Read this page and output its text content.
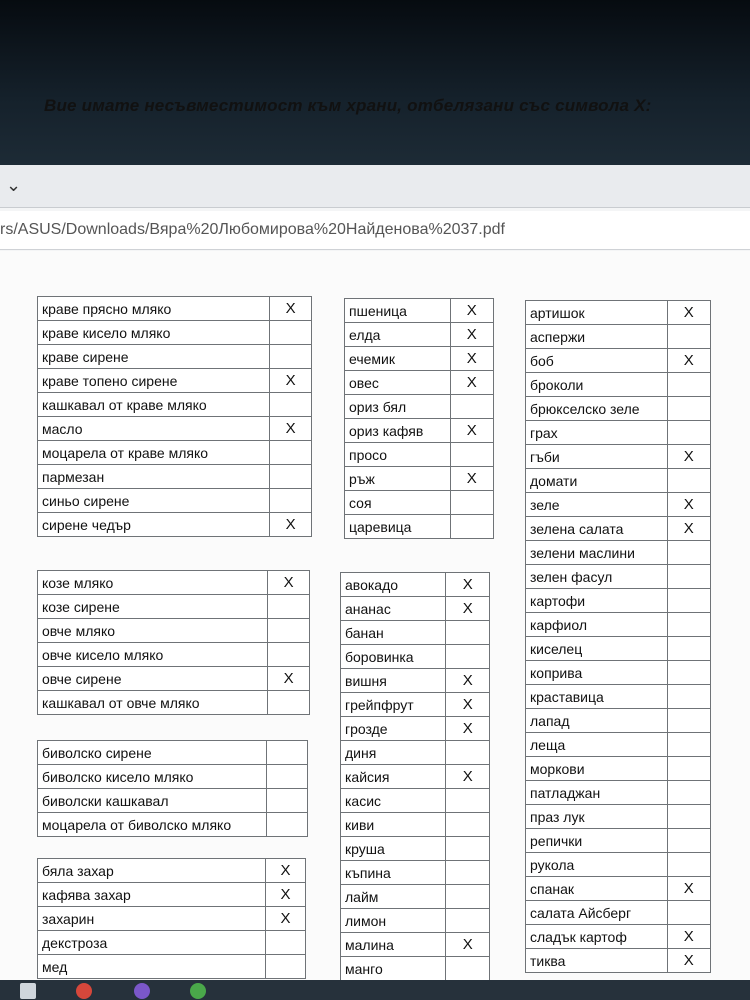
⌄
rs/ASUS/Downloads/Вяра%20Любомирова%20Найденова%2037.pdf
Вие имате несъвместимост към храни, отбелязани със символа Х:
краве прясно мляко	X
краве кисело мляко	
краве сирене	
краве топено сирене	X
кашкавал от краве мляко	
масло	X
моцарела от краве мляко	
пармезан	
синьо сирене	
сирене чедър	X
козе мляко	X
козе сирене	
овче мляко	
овче кисело мляко	
овче сирене	X
кашкавал от овче мляко	
биволско сирене	
биволско кисело мляко	
биволски кашкавал	
моцарела от биволско мляко	
бяла захар	X
кафява захар	X
захарин	X
декстроза	
мед	
пшеница	X
елда	X
ечемик	X
овес	X
ориз бял	
ориз кафяв	X
просо	
ръж	X
соя	
царевица	
авокадо	X
ананас	X
банан	
боровинка	
вишня	X
грейпфрут	X
грозде	X
диня	
кайсия	X
касис	
киви	
круша	
къпина	
лайм	
лимон	
малина	X
манго	
артишок	X
аспержи	
боб	X
броколи	
брюкселско зеле	
грах	
гъби	X
домати	
зеле	X
зелена салата	X
зелени маслини	
зелен фасул	
картофи	
карфиол	
киселец	
коприва	
краставица	
лапад	
леща	
моркови	
патладжан	
праз лук	
репички	
рукола	
спанак	X
салата Айсберг	
сладък картоф	X
тиква	X
